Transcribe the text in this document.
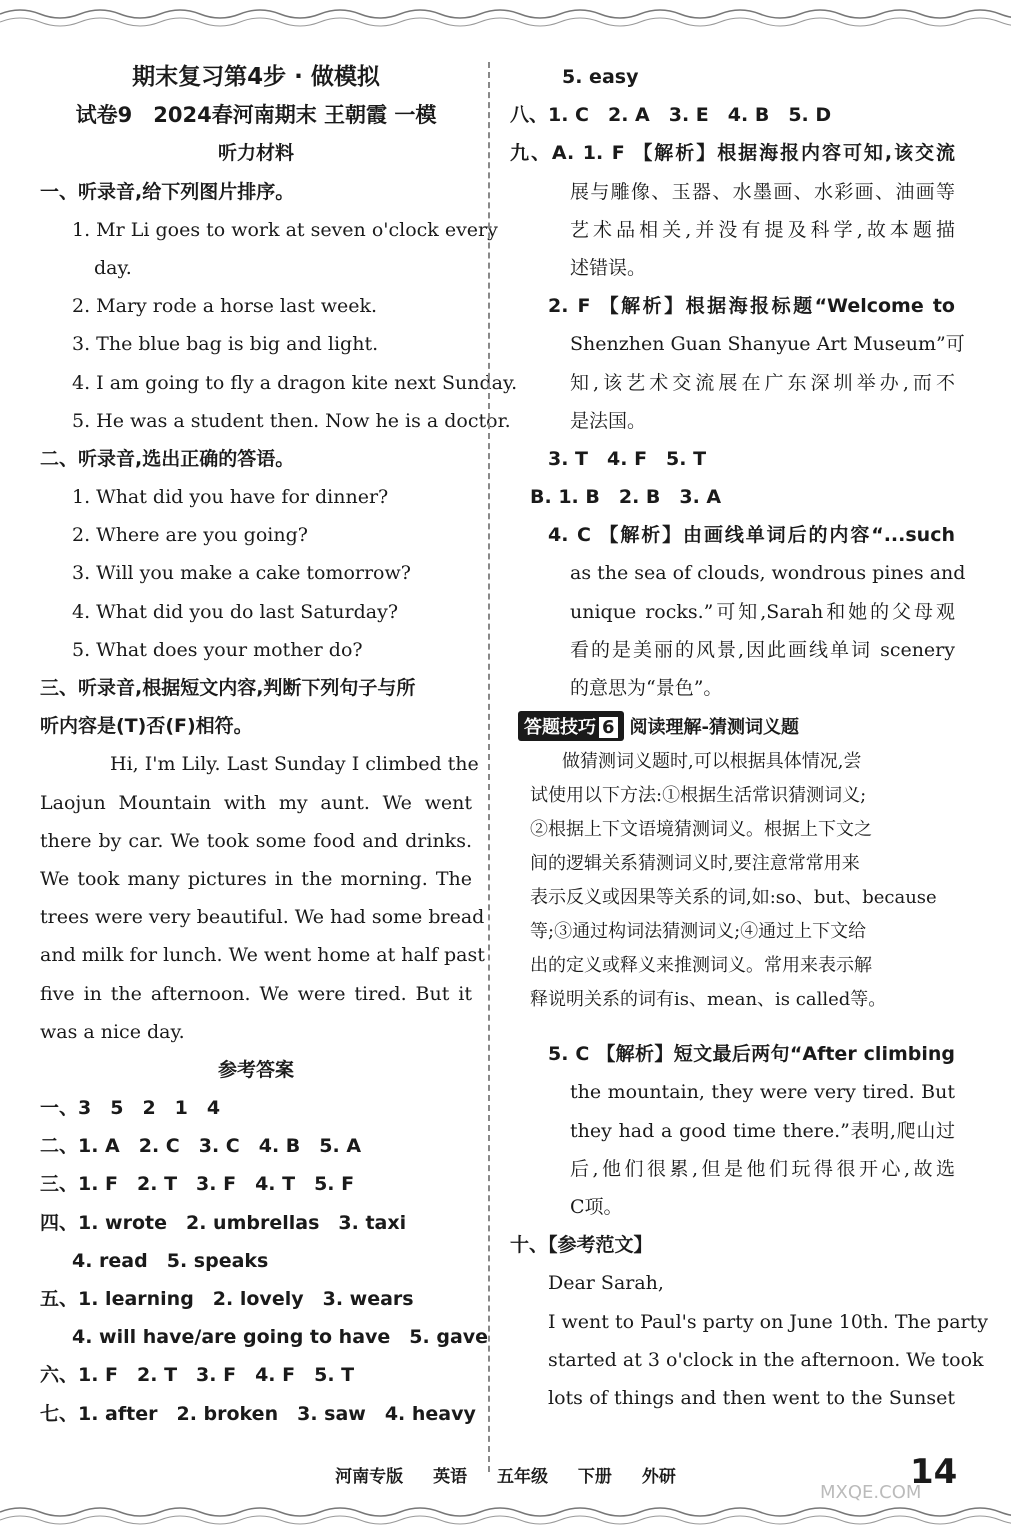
期末复习第4步 · 做模拟
试卷9　2024春河南期末 王朝霞 一模
听力材料
一、听录音,给下列图片排序。
1. Mr Li goes to work at seven o'clock every
day.
2. Mary rode a horse last week.
3. The blue bag is big and light.
4. I am going to fly a dragon kite next Sunday.
5. He was a student then. Now he is a doctor.
二、听录音,选出正确的答语。
1. What did you have for dinner?
2. Where are you going?
3. Will you make a cake tomorrow?
4. What did you do last Saturday?
5. What does your mother do?
三、听录音,根据短文内容,判断下列句子与所
听内容是(T)否(F)相符。
Hi, I'm Lily. Last Sunday I climbed the
Laojun Mountain with my aunt. We went
there by car. We took some food and drinks.
We took many pictures in the morning. The
trees were very beautiful. We had some bread
and milk for lunch. We went home at half past
five in the afternoon. We were tired. But it
was a nice day.
参考答案
一、3　5　2　1　4
二、1. A　2. C　3. C　4. B　5. A
三、1. F　2. T　3. F　4. T　5. F
四、1. wrote　2. umbrellas　3. taxi
4. read　5. speaks
五、1. learning　2. lovely　3. wears
4. will have/are going to have　5. gave
六、1. F　2. T　3. F　4. F　5. T
七、1. after　2. broken　3. saw　4. heavy
5. easy
八、1. C　2. A　3. E　4. B　5. D
九、A. 1. F 【解析】根据海报内容可知,该交流
展与雕像、玉器、水墨画、水彩画、油画等
艺术品相关,并没有提及科学,故本题描
述错误。
2. F 【解析】根据海报标题“Welcome to
Shenzhen Guan Shanyue Art Museum”可
知,该艺术交流展在广东深圳举办,而不
是法国。
3. T　4. F　5. T
B. 1. B　2. B　3. A
4. C 【解析】由画线单词后的内容“...such
as the sea of clouds, wondrous pines and
unique rocks.”可知,Sarah和她的父母观
看的是美丽的风景,因此画线单词 scenery
的意思为“景色”。
答题技巧 6 阅读理解-猜测词义题
做猜测词义题时,可以根据具体情况,尝
试使用以下方法:①根据生活常识猜测词义;
②根据上下文语境猜测词义。根据上下文之
间的逻辑关系猜测词义时,要注意常常用来
表示反义或因果等关系的词,如:so、but、because
等;③通过构词法猜测词义;④通过上下文给
出的定义或释义来推测词义。常用来表示解
释说明关系的词有is、mean、is called等。
5. C 【解析】短文最后两句“After climbing
the mountain, they were very tired. But
they had a good time there.”表明,爬山过
后,他们很累,但是他们玩得很开心,故选
C项。
十、【参考范文】
Dear Sarah,
I went to Paul's party on June 10th. The party
started at 3 o'clock in the afternoon. We took
lots of things and then went to the Sunset
河南专版 英语 五年级 下册 外研	14
MXQE.COM
